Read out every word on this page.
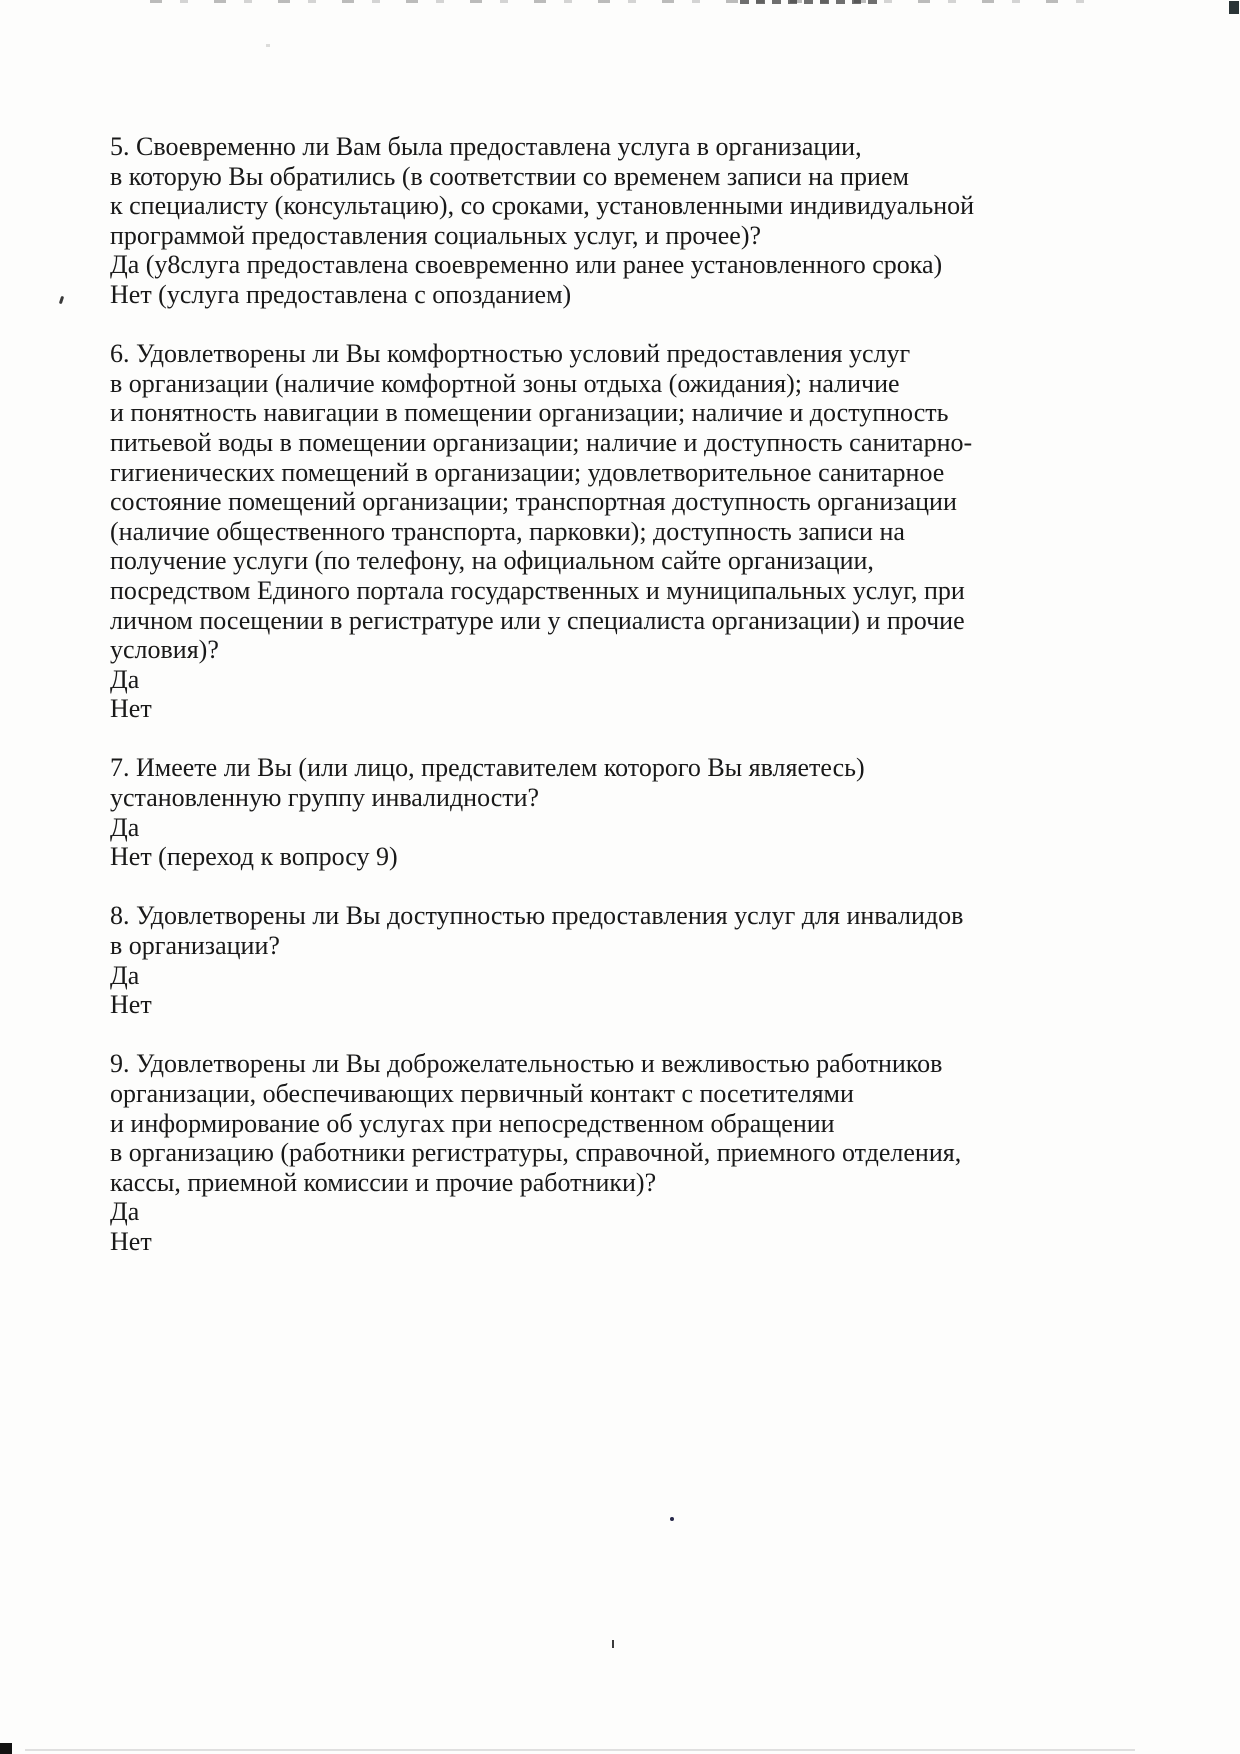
5. Своевременно ли Вам была предоставлена услуга в организации,
в которую Вы обратились (в соответствии со временем записи на прием
к специалисту (консультацию), со сроками, установленными индивидуальной
программой предоставления социальных услуг, и прочее)?
Да (у8слуга предоставлена своевременно или ранее установленного срока)
Нет (услуга предоставлена с опозданием)
6. Удовлетворены ли Вы комфортностью условий предоставления услуг
в организации (наличие комфортной зоны отдыха (ожидания); наличие
и понятность навигации в помещении организации; наличие и доступность
питьевой воды в помещении организации; наличие и доступность санитарно-
гигиенических помещений в организации; удовлетворительное санитарное
состояние помещений организации; транспортная доступность организации
(наличие общественного транспорта, парковки); доступность записи на
получение услуги (по телефону, на официальном сайте организации,
посредством Единого портала государственных и муниципальных услуг, при
личном посещении в регистратуре или у специалиста организации) и прочие
условия)?
Да
Нет
7. Имеете ли Вы (или лицо, представителем которого Вы являетесь)
установленную группу инвалидности?
Да
Нет (переход к вопросу 9)
8. Удовлетворены ли Вы доступностью предоставления услуг для инвалидов
в организации?
Да
Нет
9. Удовлетворены ли Вы доброжелательностью и вежливостью работников
организации, обеспечивающих первичный контакт с посетителями
и информирование об услугах при непосредственном обращении
в организацию (работники регистратуры, справочной, приемного отделения,
кассы, приемной комиссии и прочие работники)?
Да
Нет
